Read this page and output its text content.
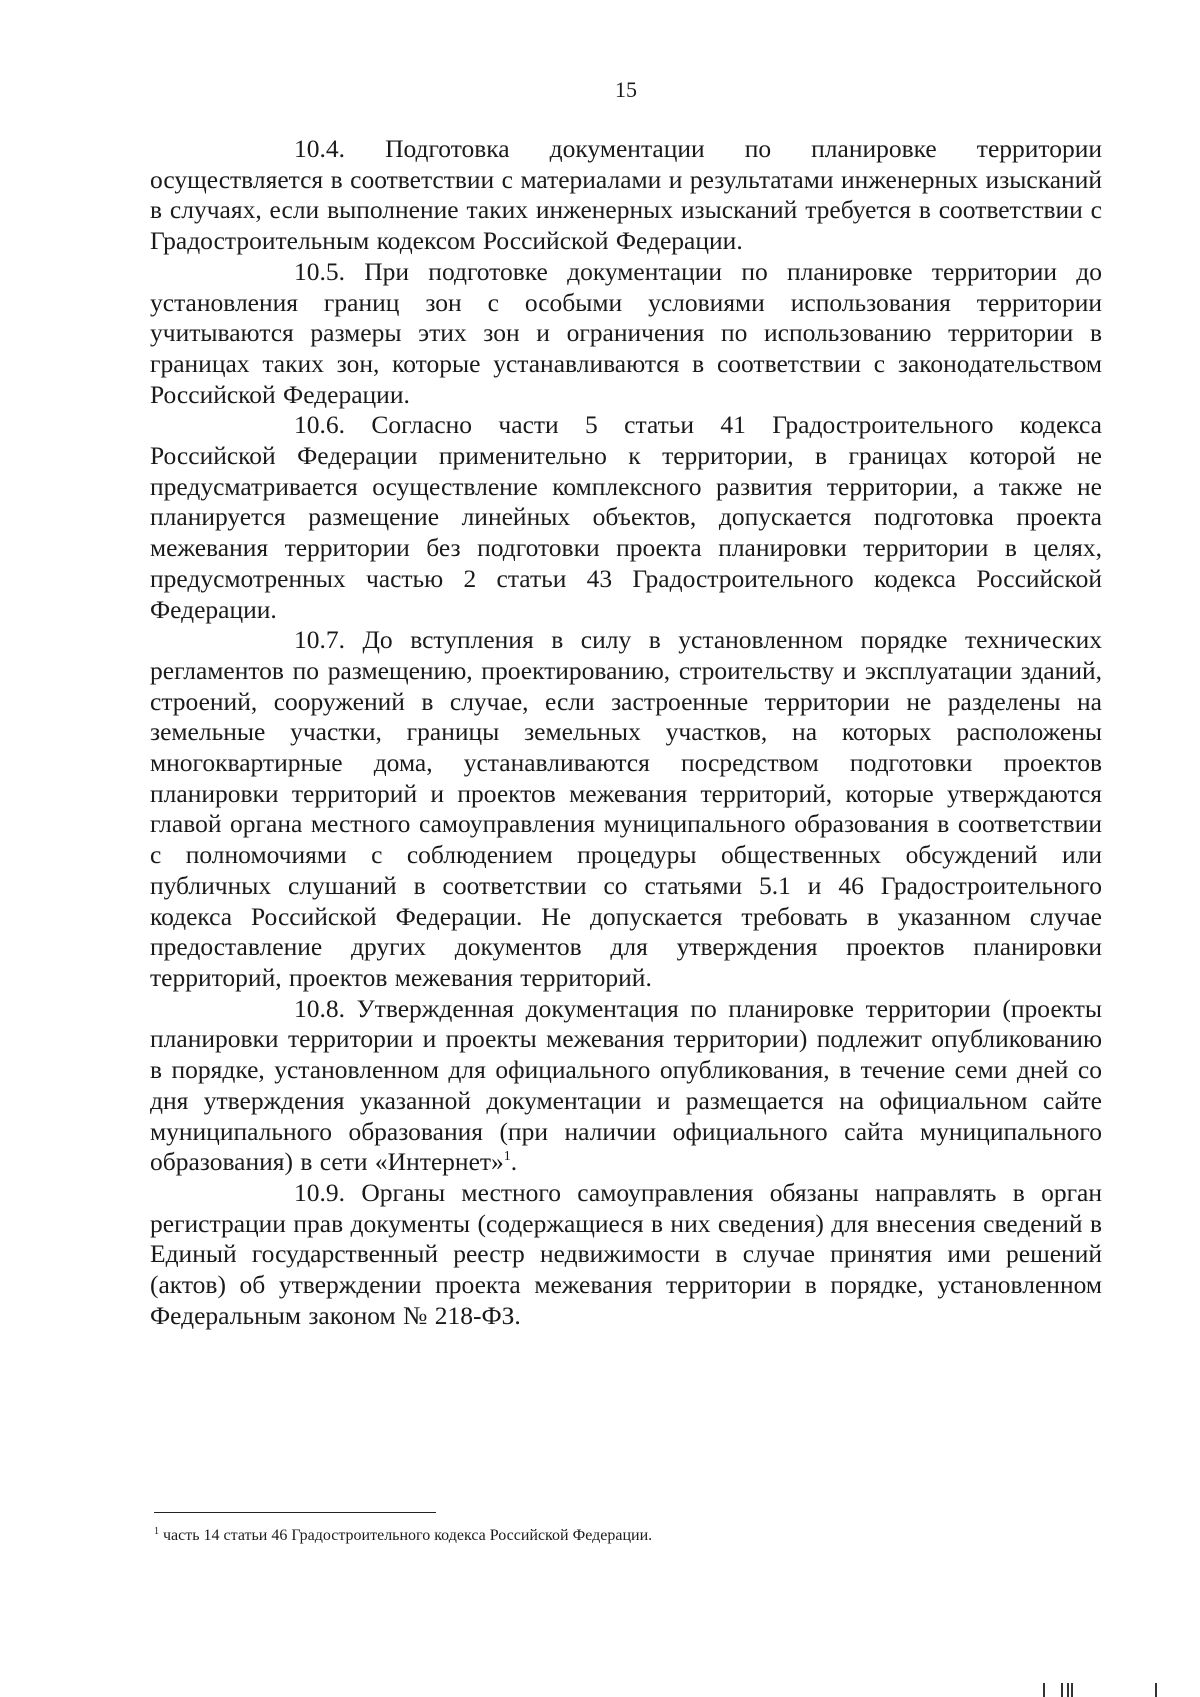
15

10.4. Подготовка документации по планировке территории осуществляется в соответствии с материалами и результатами инженерных изысканий в случаях, если выполнение таких инженерных изысканий требуется в соответствии с Градостроительным кодексом Российской Федерации.

10.5. При подготовке документации по планировке территории до установления границ зон с особыми условиями использования территории учитываются размеры этих зон и ограничения по использованию территории в границах таких зон, которые устанавливаются в соответствии с законодательством Российской Федерации.

10.6. Согласно части 5 статьи 41 Градостроительного кодекса Российской Федерации применительно к территории, в границах которой не предусматривается осуществление комплексного развития территории, а также не планируется размещение линейных объектов, допускается подготовка проекта межевания территории без подготовки проекта планировки территории в целях, предусмотренных частью 2 статьи 43 Градостроительного кодекса Российской Федерации.

10.7. До вступления в силу в установленном порядке технических регламентов по размещению, проектированию, строительству и эксплуатации зданий, строений, сооружений в случае, если застроенные территории не разделены на земельные участки, границы земельных участков, на которых расположены многоквартирные дома, устанавливаются посредством подготовки проектов планировки территорий и проектов межевания территорий, которые утверждаются главой органа местного самоуправления муниципального образования в соответствии с полномочиями с соблюдением процедуры общественных обсуждений или публичных слушаний в соответствии со статьями 5.1 и 46 Градостроительного кодекса Российской Федерации. Не допускается требовать в указанном случае предоставление других документов для утверждения проектов планировки территорий, проектов межевания территорий.

10.8. Утвержденная документация по планировке территории (проекты планировки территории и проекты межевания территории) подлежит опубликованию в порядке, установленном для официального опубликования, в течение семи дней со дня утверждения указанной документации и размещается на официальном сайте муниципального образования (при наличии официального сайта муниципального образования) в сети «Интернет»$^1$.

10.9. Органы местного самоуправления обязаны направлять в орган регистрации прав документы (содержащиеся в них сведения) для внесения сведений в Единый государственный реестр недвижимости в случае принятия ими решений (актов) об утверждении проекта межевания территории в порядке, установленном Федеральным законом № 218-ФЗ.

$^1$ часть 14 статьи 46 Градостроительного кодекса Российской Федерации.
